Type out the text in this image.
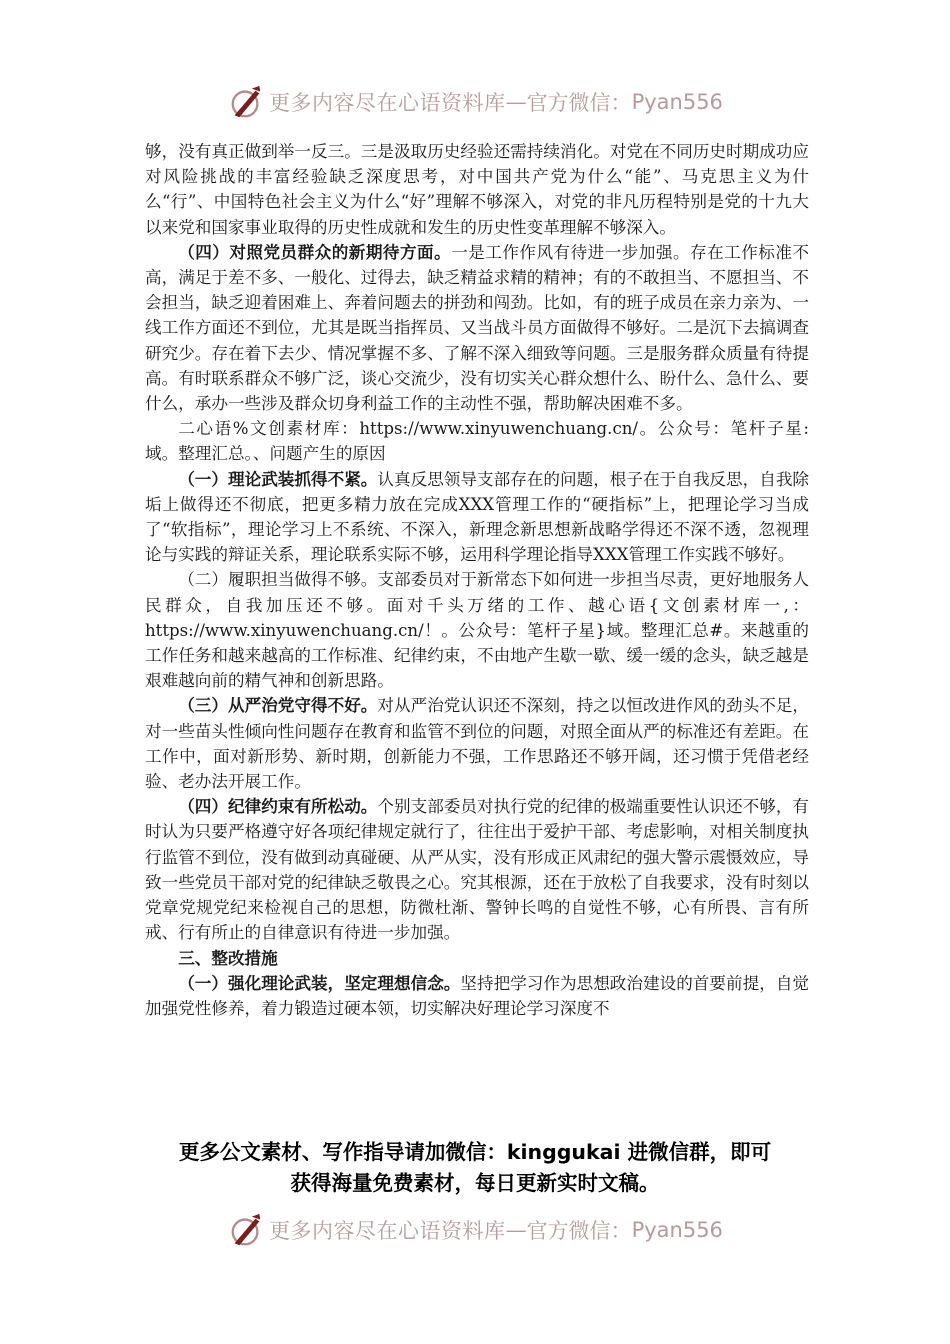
更多内容尽在心语资料库 — 官方微信： Pyan556

够，没有真正做到举一反三。三是汲取历史经验还需持续消化。对党在不同历史时期成功应对风险挑战的丰富经验缺乏深度思考，对中国共产党为什么“能”、马克思主义为什么“行”、中国特色社会主义为什么“好”理解不够深入，对党的非凡历程特别是党的十九大以来党和国家事业取得的历史性成就和发生的历史性变革理解不够深入。

（四）对照党员群众的新期待方面。一是工作作风有待进一步加强。存在工作标准不高，满足于差不多、一般化、过得去，缺乏精益求精的精神；有的不敢担当、不愿担当、不会担当，缺乏迎着困难上、奔着问题去的拼劲和闯劲。比如，有的班子成员在亲力亲为、一线工作方面还不到位，尤其是既当指挥员、又当战斗员方面做得不够好。二是沉下去搞调查研究少。存在着下去少、情况掌握不多、了解不深入细致等问题。三是服务群众质量有待提高。有时联系群众不够广泛，谈心交流少，没有切实关心群众想什么、盼什么、急什么、要什么，承办一些涉及群众切身利益工作的主动性不强，帮助解决困难不多。

二心语%文创素材库：https://www.xinyuwenchuang.cn/。公众号：笔杆子星:域。整理汇总。、问题产生的原因

（一）理论武装抓得不紧。认真反思领导支部存在的问题，根子在于自我反思，自我除垢上做得还不彻底，把更多精力放在完成XXX管理工作的“硬指标”上，把理论学习当成了“软指标”，理论学习上不系统、不深入，新理念新思想新战略学得还不深不透，忽视理论与实践的辩证关系，理论联系实际不够，运用科学理论指导XXX管理工作实践不够好。

（二）履职担当做得不够。支部委员对于新常态下如何进一步担当尽责，更好地服务人民群众，自我加压还不够。面对千头万绪的工作、越心语{文创素材库一,：https://www.xinyuwenchuang.cn/！。公众号：笔杆子星}域。整理汇总#。来越重的工作任务和越来越高的工作标准、纪律约束，不由地产生歇一歇、缓一缓的念头，缺乏越是艰难越向前的精气神和创新思路。

（三）从严治党守得不好。对从严治党认识还不深刻，持之以恒改进作风的劲头不足，对一些苗头性倾向性问题存在教育和监管不到位的问题，对照全面从严的标准还有差距。在工作中，面对新形势、新时期，创新能力不强，工作思路还不够开阔，还习惯于凭借老经验、老办法开展工作。

（四）纪律约束有所松动。个别支部委员对执行党的纪律的极端重要性认识还不够，有时认为只要严格遵守好各项纪律规定就行了，往往出于爱护干部、考虑影响，对相关制度执行监管不到位，没有做到动真碰硬、从严从实，没有形成正风肃纪的强大警示震慑效应，导致一些党员干部对党的纪律缺乏敬畏之心。究其根源，还在于放松了自我要求，没有时刻以党章党规党纪来检视自己的思想，防微杜渐、警钟长鸣的自觉性不够，心有所畏、言有所戒、行有所止的自律意识有待进一步加强。

三、整改措施

（一）强化理论武装，坚定理想信念。坚持把学习作为思想政治建设的首要前提，自觉加强党性修养，着力锻造过硬本领，切实解决好理论学习深度不

更多公文素材、写作指导请加微信：kinggukai 进微信群，即可
获得海量免费素材，每日更新实时文稿。
更多内容尽在心语资料库 — 官方微信： Pyan556
